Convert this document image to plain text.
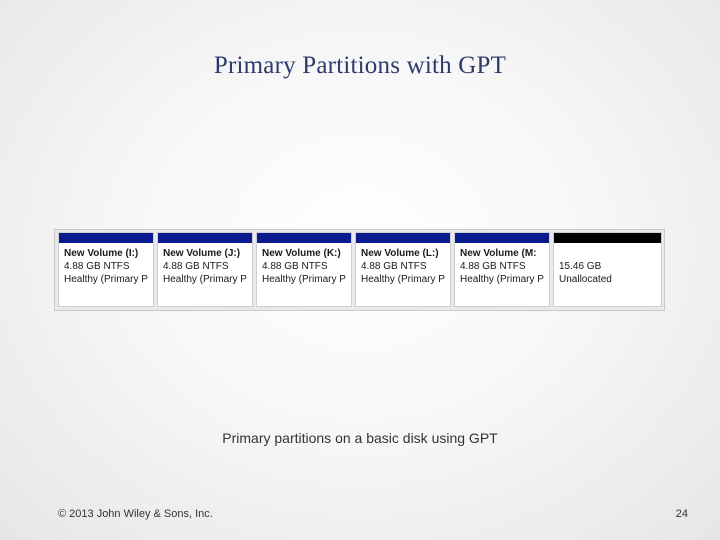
Primary Partitions with GPT
New Volume (I:)
4.88 GB NTFS
Healthy (Primary P
New Volume (J:)
4.88 GB NTFS
Healthy (Primary P
New Volume (K:)
4.88 GB NTFS
Healthy (Primary P
New Volume (L:)
4.88 GB NTFS
Healthy (Primary P
New Volume (M:
4.88 GB NTFS
Healthy (Primary P

15.46 GB
Unallocated
Primary partitions on a basic disk using GPT
© 2013 John Wiley & Sons, Inc.	24
